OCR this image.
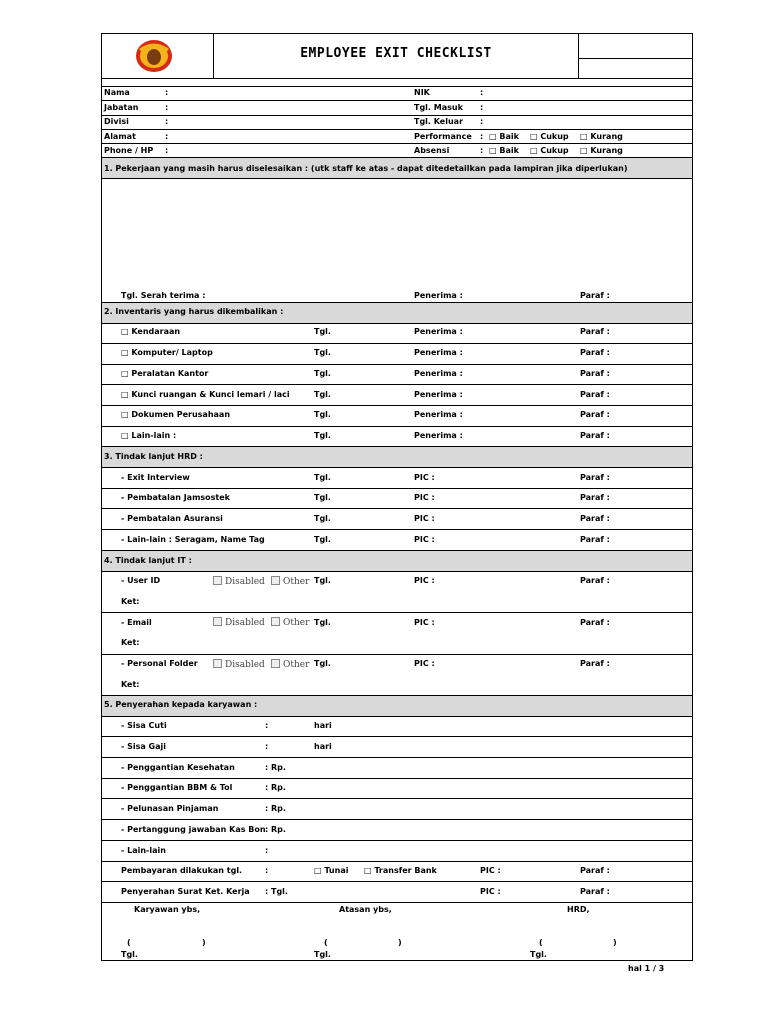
EMPLOYEE EXIT CHECKLIST
Nama	:	NIK	:
Jabatan	:	Tgl. Masuk :
Divisi	:	Tgl. Keluar :
Alamat	:	Performance : □ Baik □ Cukup □ Kurang
Phone / HP :	Absensi	: □ Baik □ Cukup □ Kurang
1. Pekerjaan yang masih harus diselesaikan : (utk staff ke atas - dapat ditedetailkan pada lampiran jika diperlukan)
Tgl. Serah terima :	Penerima :	Paraf :
2. Inventaris yang harus dikembalikan :
□ Kendaraan	Tgl.	Penerima :	Paraf :
□ Komputer/ Laptop	Tgl.	Penerima :	Paraf :
□ Peralatan Kantor	Tgl.	Penerima :	Paraf :
□ Kunci ruangan & Kunci lemari / laci	Tgl.	Penerima :	Paraf :
□ Dokumen Perusahaan	Tgl.	Penerima :	Paraf :
□ Lain-lain :	Tgl.	Penerima :	Paraf :
3. Tindak lanjut HRD :
- Exit Interview	Tgl.	PIC :	Paraf :
- Pembatalan Jamsostek	Tgl.	PIC :	Paraf :
- Pembatalan Asuransi	Tgl.	PIC :	Paraf :
- Lain-lain : Seragam, Name Tag	Tgl.	PIC :	Paraf :
4. Tindak lanjut IT :
- User ID	Disabled	Other Tgl.	PIC :	Paraf :
Ket:
- Email	Disabled	Other Tgl.	PIC :	Paraf :
Ket:
- Personal Folder	Disabled	Other Tgl.	PIC :	Paraf :
Ket:
5. Penyerahan kepada karyawan :
- Sisa Cuti	:	hari
- Sisa Gaji	:	hari
- Penggantian Kesehatan	: Rp.
- Penggantian BBM & Tol	: Rp.
- Pelunasan Pinjaman	: Rp.
- Pertanggung jawaban Kas Bon : Rp.
- Lain-lain	:
Pembayaran dilakukan tgl.	:	□ Tunai □ Transfer Bank	PIC :	Paraf :
Penyerahan Surat Ket. Kerja : Tgl.	PIC :	Paraf :
Karyawan ybs,	Atasan ybs,	HRD,
(	)	(	)	(	)
Tgl.	Tgl.	Tgl.
hal 1 / 3
